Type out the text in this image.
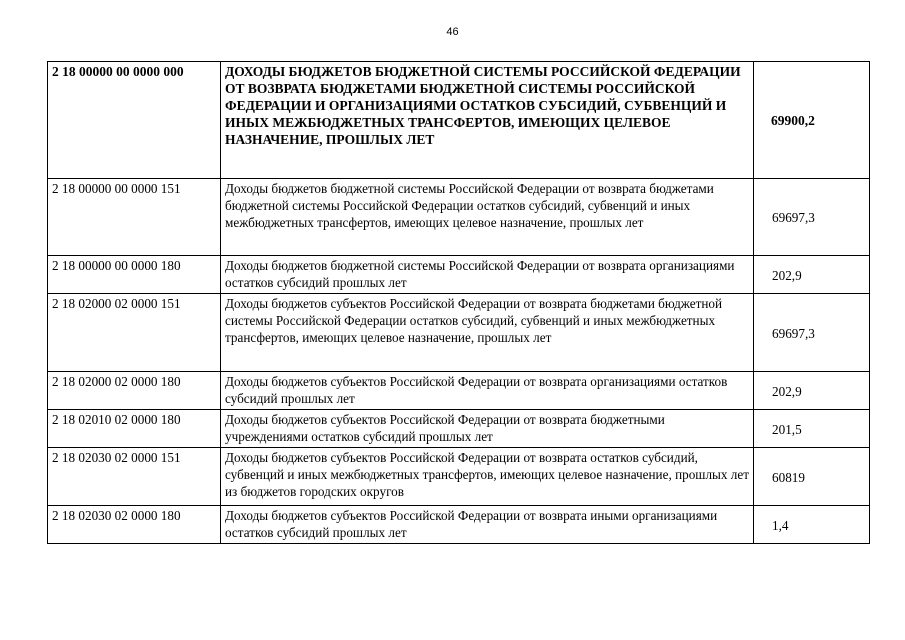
46
2 18 00000 00 0000 000	ДОХОДЫ БЮДЖЕТОВ БЮДЖЕТНОЙ СИСТЕМЫ РОССИЙСКОЙ ФЕДЕРАЦИИ ОТ ВОЗВРАТА БЮДЖЕТАМИ БЮДЖЕТНОЙ СИСТЕМЫ РОССИЙСКОЙ ФЕДЕРАЦИИ И ОРГАНИЗАЦИЯМИ ОСТАТКОВ СУБСИДИЙ, СУБВЕНЦИЙ И ИНЫХ МЕЖБЮДЖЕТНЫХ ТРАНСФЕРТОВ, ИМЕЮЩИХ ЦЕЛЕВОЕ НАЗНАЧЕНИЕ, ПРОШЛЫХ ЛЕТ	69900,2
2 18 00000 00 0000 151	Доходы бюджетов бюджетной системы Российской Федерации от возврата бюджетами бюджетной системы Российской Федерации остатков субсидий, субвенций и иных межбюджетных трансфертов, имеющих целевое назначение, прошлых лет	69697,3
2 18 00000 00 0000 180	Доходы бюджетов бюджетной системы Российской Федерации от возврата организациями остатков субсидий прошлых лет	202,9
2 18 02000 02 0000 151	Доходы бюджетов субъектов Российской Федерации от возврата бюджетами бюджетной системы Российской Федерации остатков субсидий, субвенций и иных межбюджетных трансфертов, имеющих целевое назначение, прошлых лет	69697,3
2 18 02000 02 0000 180	Доходы бюджетов субъектов Российской Федерации от возврата организациями остатков субсидий прошлых лет	202,9
2 18 02010 02 0000 180	Доходы бюджетов субъектов Российской Федерации от возврата бюджетными учреждениями остатков субсидий прошлых лет	201,5
2 18 02030 02 0000 151	Доходы бюджетов субъектов Российской Федерации от возврата остатков субсидий, субвенций и иных межбюджетных трансфертов, имеющих целевое назначение, прошлых лет из бюджетов городских округов	60819
2 18 02030 02 0000 180	Доходы бюджетов субъектов Российской Федерации от возврата иными организациями остатков субсидий прошлых лет	1,4
